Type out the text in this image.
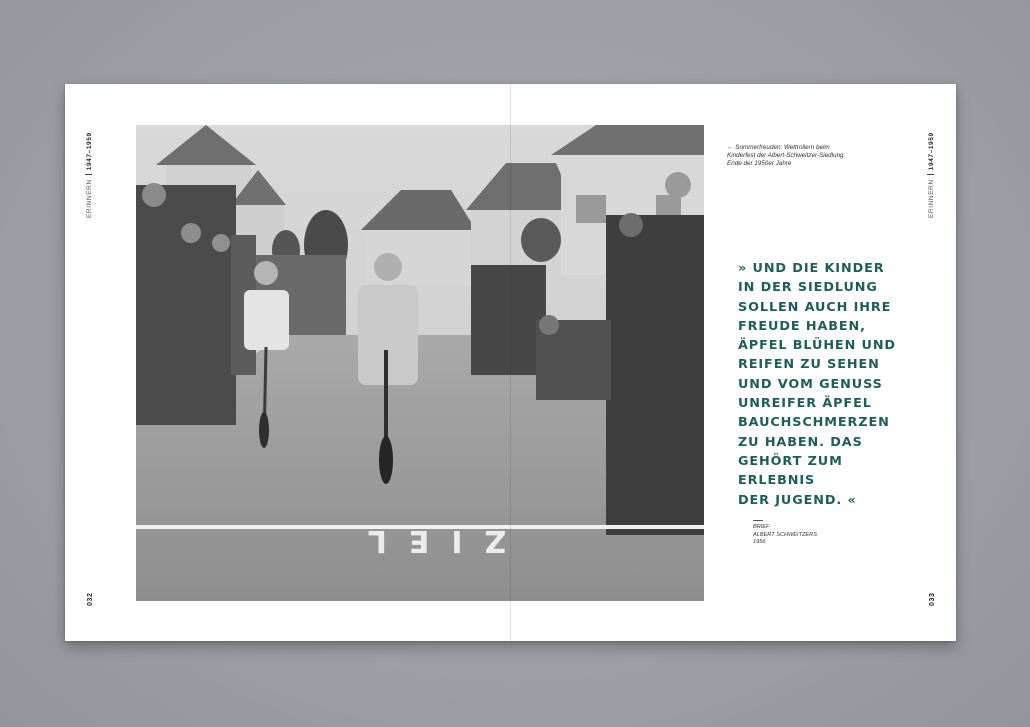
ERINNERN1947–1959
032
ZIEL
← Sommerfreuden: Wettrollern beim Kinderfest der Albert-Schweitzer-Siedlung Ende der 1950er Jahre
» UND DIE KINDER
IN DER SIEDLUNG
SOLLEN AUCH IHRE
FREUDE HABEN,
ÄPFEL BLÜHEN UND
REIFEN ZU SEHEN
UND VOM GENUSS
UNREIFER ÄPFEL
BAUCHSCHMERZEN
ZU HABEN. DAS
GEHÖRT ZUM
ERLEBNIS
DER JUGEND. «
BRIEF
ALBERT SCHWEITZERS
1956
ERINNERN1947–1959
033
